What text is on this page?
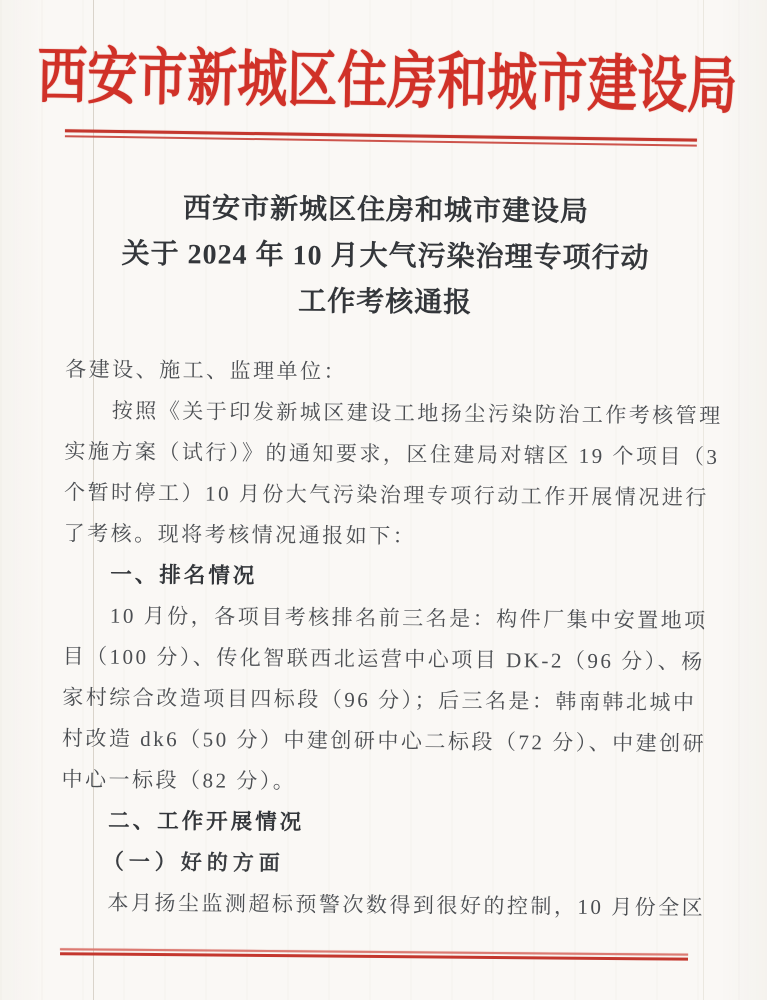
西安市新城区住房和城市建设局
西安市新城区住房和城市建设局
关于 2024 年 10 月大气污染治理专项行动
工作考核通报
各建设、施工、监理单位：
按照《关于印发新城区建设工地扬尘污染防治工作考核管理
实施方案（试行）》的通知要求，区住建局对辖区 19 个项目（3
个暂时停工）10 月份大气污染治理专项行动工作开展情况进行
了考核。现将考核情况通报如下：
一、排名情况
10 月份，各项目考核排名前三名是：构件厂集中安置地项
目（100 分）、传化智联西北运营中心项目 DK-2（96 分）、杨
家村综合改造项目四标段（96 分）；后三名是：韩南韩北城中
村改造 dk6（50 分）中建创研中心二标段（72 分）、中建创研
中心一标段（82 分）。
二、工作开展情况
（一）好的方面
本月扬尘监测超标预警次数得到很好的控制，10 月份全区
